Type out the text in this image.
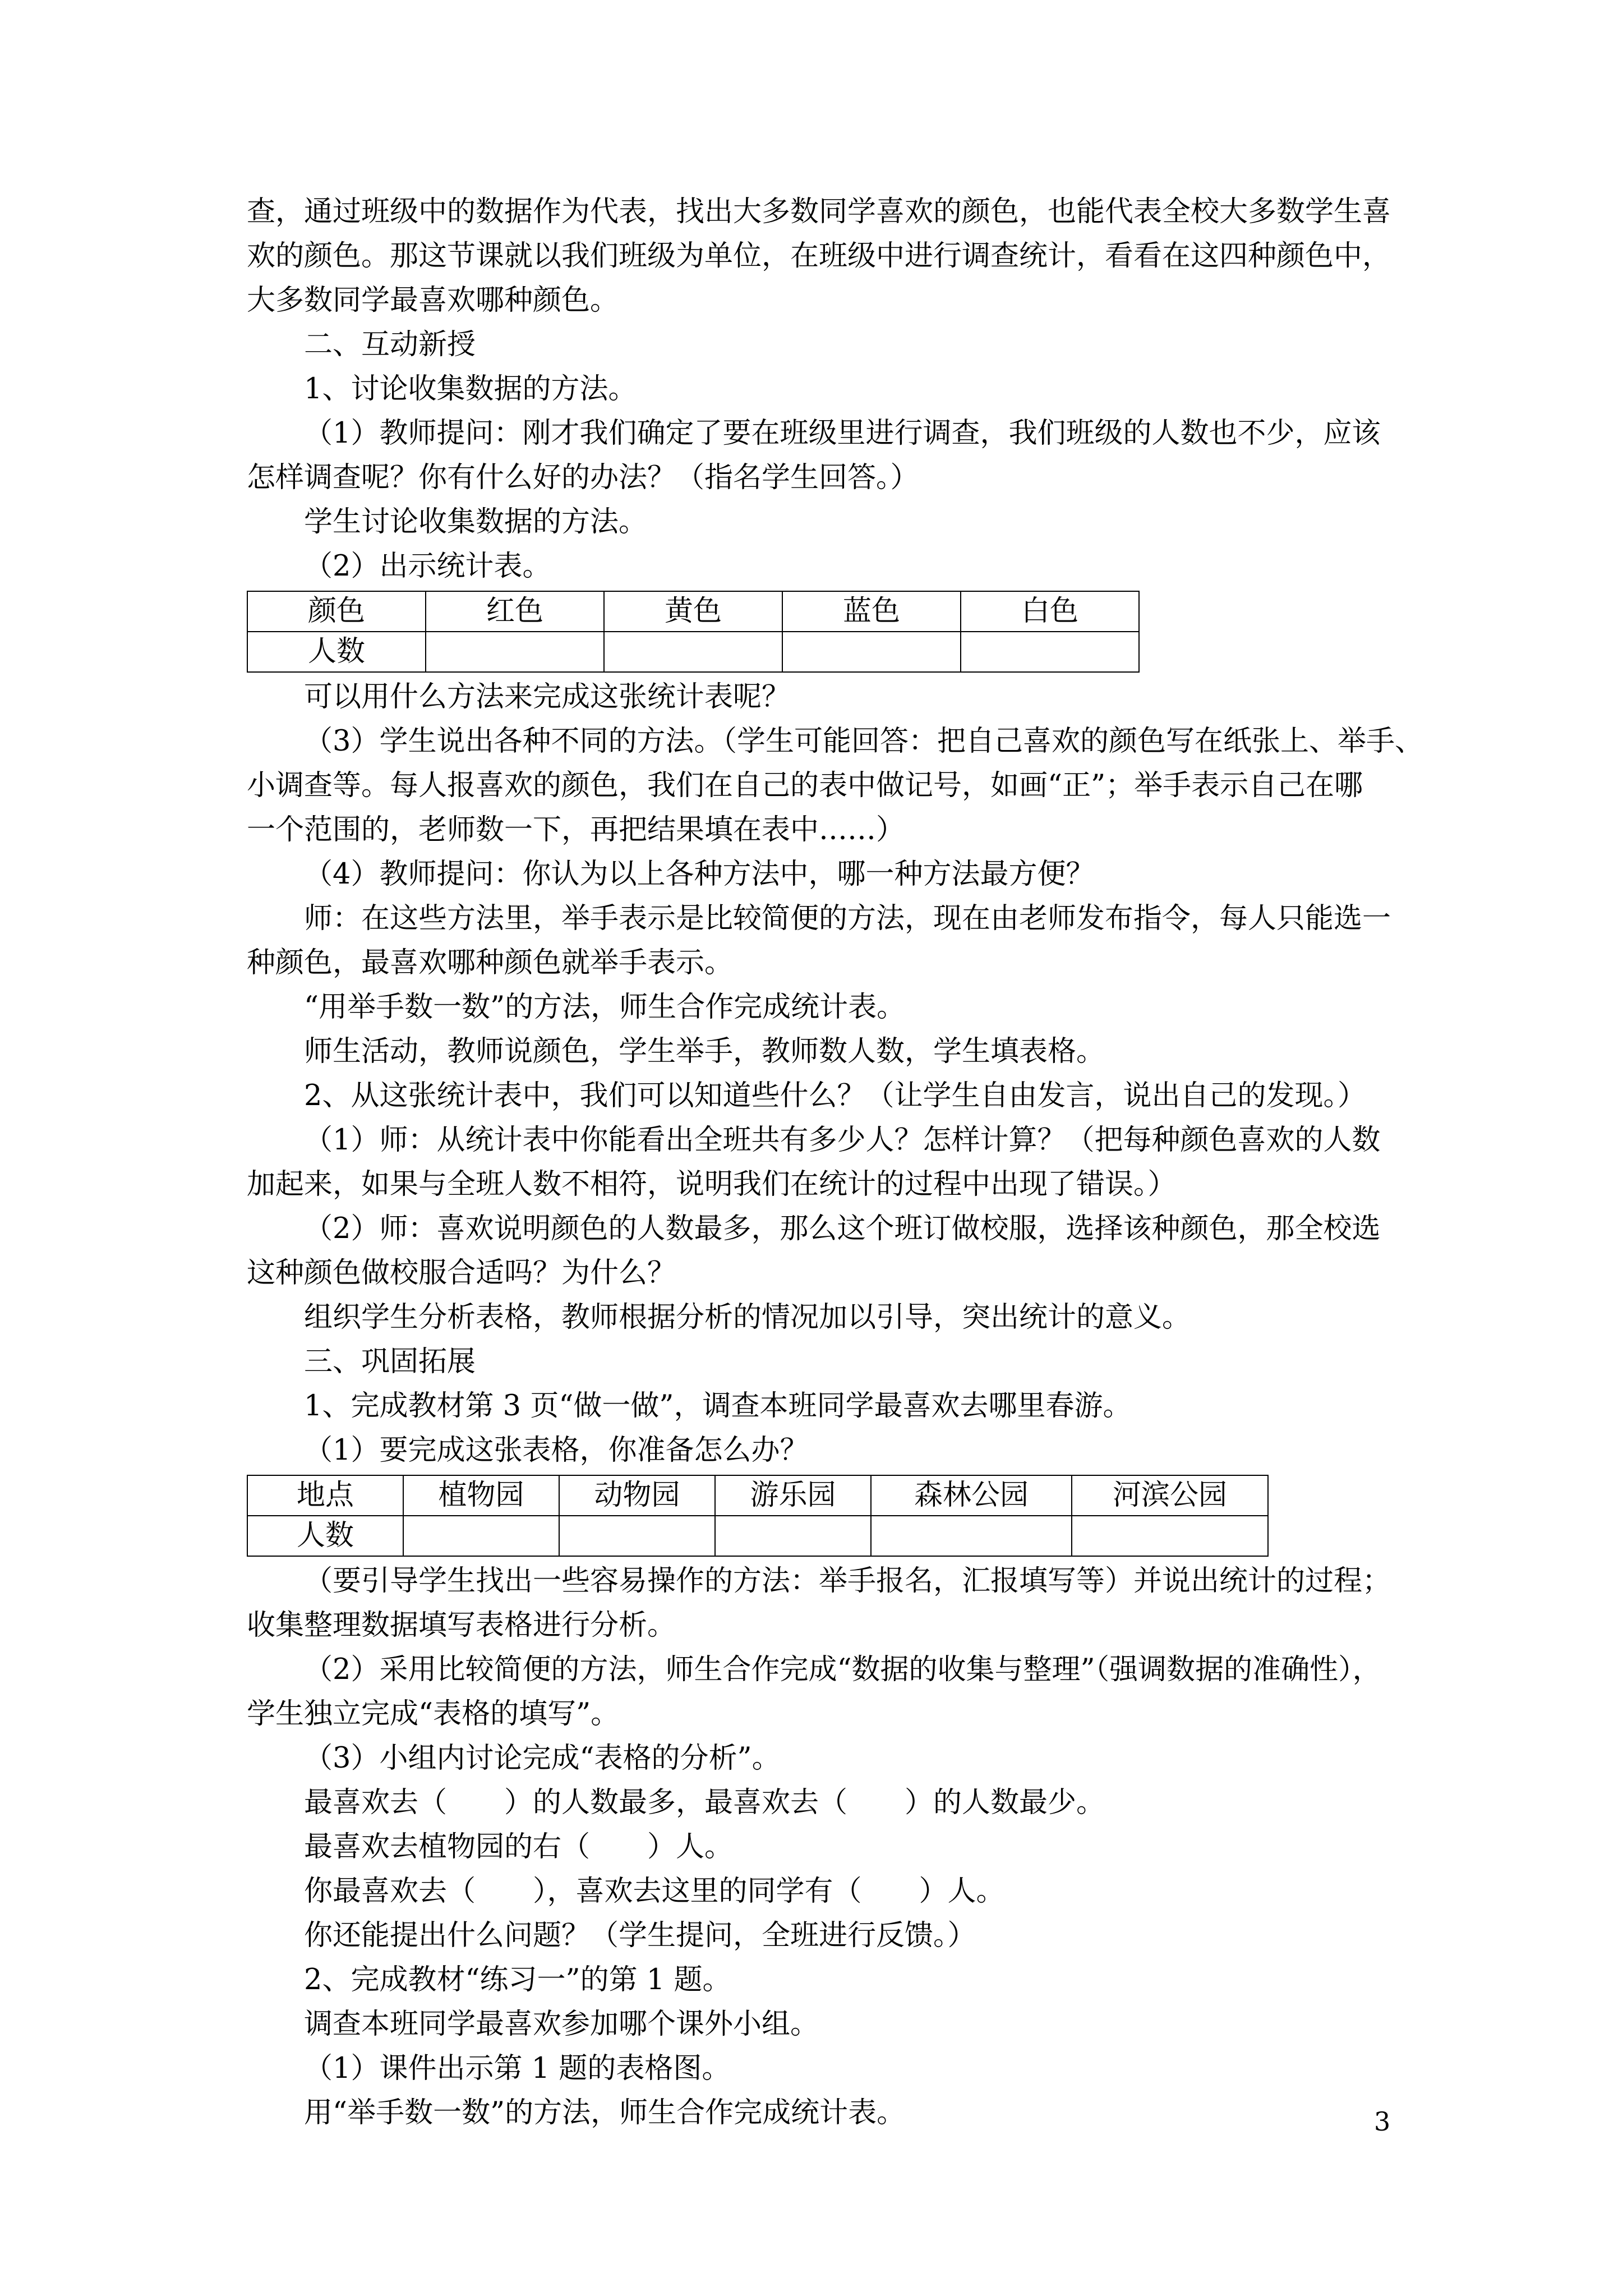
查，通过班级中的数据作为代表，找出大多数同学喜欢的颜色，也能代表全校大多数学生喜

欢的颜色。那这节课就以我们班级为单位，在班级中进行调查统计，看看在这四种颜色中，

大多数同学最喜欢哪种颜色。

二、互动新授

1、讨论收集数据的方法。

（1）教师提问：刚才我们确定了要在班级里进行调查，我们班级的人数也不少，应该

怎样调查呢？你有什么好的办法？（指名学生回答。）

学生讨论收集数据的方法。

（2）出示统计表。

颜色	红色	黄色	蓝色	白色
人数				

可以用什么方法来完成这张统计表呢？

（3）学生说出各种不同的方法。（学生可能回答：把自己喜欢的颜色写在纸张上、举手、

小调查等。每人报喜欢的颜色，我们在自己的表中做记号，如画“正”；举手表示自己在哪

一个范围的，老师数一下，再把结果填在表中……）

（4）教师提问：你认为以上各种方法中，哪一种方法最方便？

师：在这些方法里，举手表示是比较简便的方法，现在由老师发布指令，每人只能选一

种颜色，最喜欢哪种颜色就举手表示。

“用举手数一数”的方法，师生合作完成统计表。

师生活动，教师说颜色，学生举手，教师数人数，学生填表格。

2、从这张统计表中，我们可以知道些什么？（让学生自由发言，说出自己的发现。）

（1）师：从统计表中你能看出全班共有多少人？怎样计算？（把每种颜色喜欢的人数

加起来，如果与全班人数不相符，说明我们在统计的过程中出现了错误。）

（2）师：喜欢说明颜色的人数最多，那么这个班订做校服，选择该种颜色，那全校选

这种颜色做校服合适吗？为什么？

组织学生分析表格，教师根据分析的情况加以引导，突出统计的意义。

三、巩固拓展

1、完成教材第 3 页“做一做”，调查本班同学最喜欢去哪里春游。

（1）要完成这张表格，你准备怎么办？

地点	植物园	动物园	游乐园	森林公园	河滨公园
人数					

（要引导学生找出一些容易操作的方法：举手报名，汇报填写等）并说出统计的过程；

收集整理数据填写表格进行分析。

（2）采用比较简便的方法，师生合作完成“数据的收集与整理”（强调数据的准确性），

学生独立完成“表格的填写”。

（3）小组内讨论完成“表格的分析”。

最喜欢去（　　）的人数最多，最喜欢去（　　）的人数最少。

最喜欢去植物园的右（　　）人。

你最喜欢去（　　），喜欢去这里的同学有（　　）人。

你还能提出什么问题？（学生提问，全班进行反馈。）

2、完成教材“练习一”的第 1 题。

调查本班同学最喜欢参加哪个课外小组。

（1）课件出示第 1 题的表格图。

用“举手数一数”的方法，师生合作完成统计表。	3
